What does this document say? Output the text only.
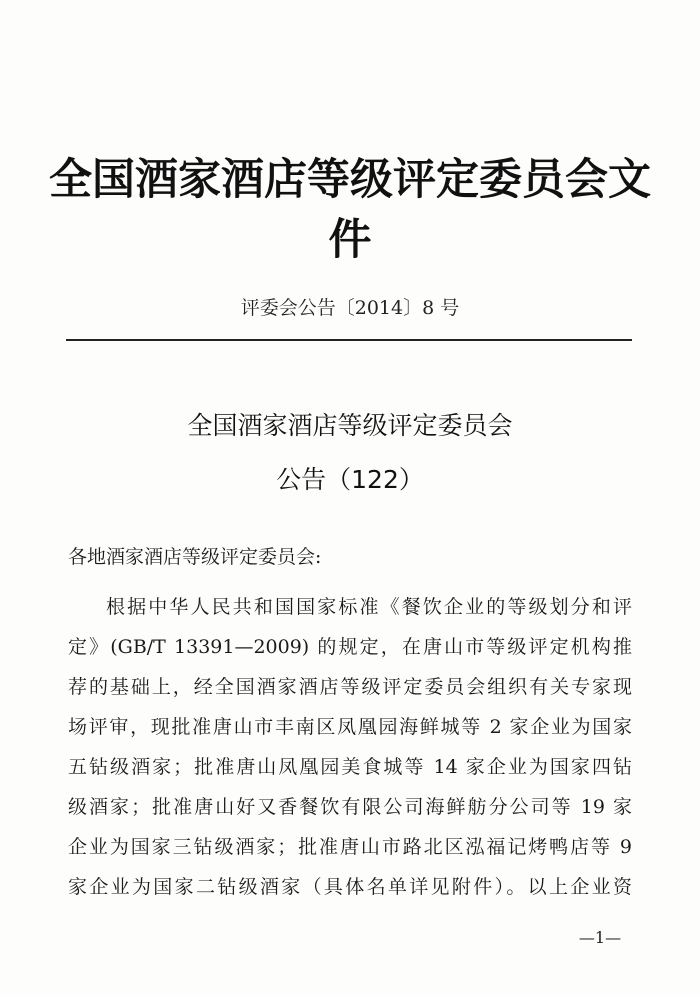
全国酒家酒店等级评定委员会文件
评委会公告〔2014〕8 号
全国酒家酒店等级评定委员会
公告（122）
各地酒家酒店等级评定委员会:
根据中华人民共和国国家标准《餐饮企业的等级划分和评
定》(GB/T 13391—2009) 的规定，在唐山市等级评定机构推
荐的基础上，经全国酒家酒店等级评定委员会组织有关专家现
场评审，现批准唐山市丰南区凤凰园海鲜城等 2 家企业为国家
五钻级酒家；批准唐山凤凰园美食城等 14 家企业为国家四钻
级酒家；批准唐山好又香餐饮有限公司海鲜舫分公司等 19 家
企业为国家三钻级酒家；批准唐山市路北区泓福记烤鸭店等 9
家企业为国家二钻级酒家（具体名单详见附件）。以上企业资
—1—
